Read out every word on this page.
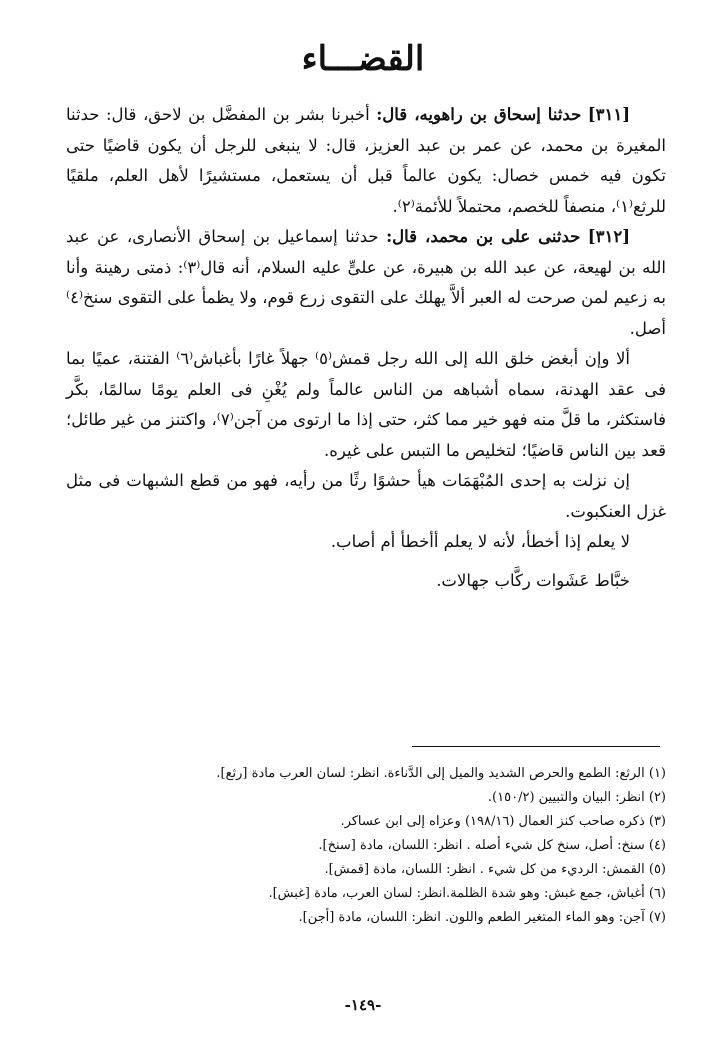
القضـــاء

[٣١١] حدثنا إسحاق بن راهويه، قال: أخبرنا بشر بن المفضَّل بن لاحق، قال: حدثنا المغيرة بن محمد، عن عمر بن عبد العزيز، قال: لا ينبغى للرجل أن يكون قاضيًا حتى تكون فيه خمس خصال: يكون عالماً قبل أن يستعمل، مستشيرًا لأهل العلم، ملقيًا للرثع⁽١⁾، منصفاً للخصم، محتملاً للأئمة⁽٢⁾.

[٣١٢] حدثنى على بن محمد، قال: حدثنا إسماعيل بن إسحاق الأنصارى، عن عبد الله بن لهيعة، عن عبد الله بن هبيرة، عن علىٍّ عليه السلام، أنه قال⁽٣⁾: ذمتى رهينة وأنا به زعيم لمن صرحت له العبر ألاَّ يهلك على التقوى زرع قوم، ولا يظمأ على التقوى سنخ⁽٤⁾ أصل.

ألا وإن أبغض خلق الله إلى الله رجل قمش⁽٥⁾ جهلاً غارًا بأغباش⁽٦⁾ الفتنة، عميًا بما فى عقد الهدنة، سماه أشباهه من الناس عالماً ولم يُغْنِ فى العلم يومًا سالمًا، بكَّر فاستكثر، ما قلَّ منه فهو خير مما كثر، حتى إذا ما ارتوى من آجن⁽٧⁾، واكتنز من غير طائل؛ قعد بين الناس قاضيًا؛ لتخليص ما التبس على غيره.

إن نزلت به إحدى المُبْهَمَات هيأ حشوًا رثًا من رأيه، فهو من قطع الشبهات فى مثل غزل العنكبوت.

لا يعلم إذا أخطأ، لأنه لا يعلم أأخطأ أم أصاب.

خبَّاط عَشَوات ركَّاب جهالات.

(١) الرثع: الطمع والحرص الشديد والميل إلى الدَّناءة. انظر: لسان العرب مادة [رثع].
(٢) انظر: البيان والتبيين (١٥٠/٢).
(٣) ذكره صاحب كنز العمال (١٩٨/١٦) وعزاه إلى ابن عساكر.
(٤) سنخ: أصل، سنخ كل شيء أصله . انظر: اللسان، مادة [سنخ].
(٥) القمش: الرديء من كل شيء . انظر: اللسان، مادة [قمش].
(٦) أغباش، جمع غبش: وهو شدة الظلمة.انظر: لسان العرب، مادة [غبش].
(٧) آجن: وهو الماء المتغير الطعم واللون. انظر: اللسان، مادة [أجن].
-١٤٩-
